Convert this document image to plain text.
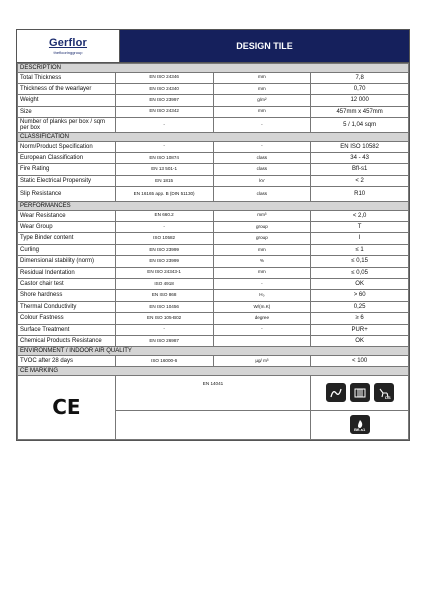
Gerflor
theflooringgroup
DESIGN TILE
DESCRIPTION			
Total Thickness	EN ISO 24346	mm	7,8
Thickness of the wearlayer	EN ISO 24340	mm	0,70
Weight	EN ISO 23997	g/m²	12 000
Size	EN ISO 24342	mm	457mm x 457mm
Number of planks per box / sqm per box	-	-	5 / 1,04 sqm
CLASSIFICATION			
Norm/Product Specification	-	-	EN ISO 10582
European Classification	EN ISO 10874	class	34 - 43
Fire Rating	EN 13 501-1	class	Bfl-s1
Static Electrical Propensity	EN 1815	kV	< 2
Slip Resistance	EN 16165 app. B (DIN 51130)	class	R10
PERFORMANCES			
Wear Resistance	EN 660.2	mm³	< 2,0
Wear Group	-	group	T
Type Binder content	ISO 10582	group	I
Curling	EN ISO 23999	mm	≤ 1
Dimensional stability (norm)	EN ISO 23999	%	≤ 0,15
Residual Indentation	EN ISO 24343-1	mm	≤ 0,05
Castor chair test	ISO 4918	-	OK
Shore hardness	EN ISO 868	H₀	> 60
Thermal Conductivity	EN ISO 10456	W/(m.K)	0,25
Colour Fastness	EN ISO 105-B02	degree	≥ 6
Surface Treatment	-	-	PUR+
Chemical Products Resistance	EN ISO 26987		OK
ENVIRONMENT / INDOOR AIR QUALITY			
TVOC after 28 days	ISO 16000-6	µg/ m³	< 100
CE MARKING			
CE	EN 14041		DS

			Bfl-s1
